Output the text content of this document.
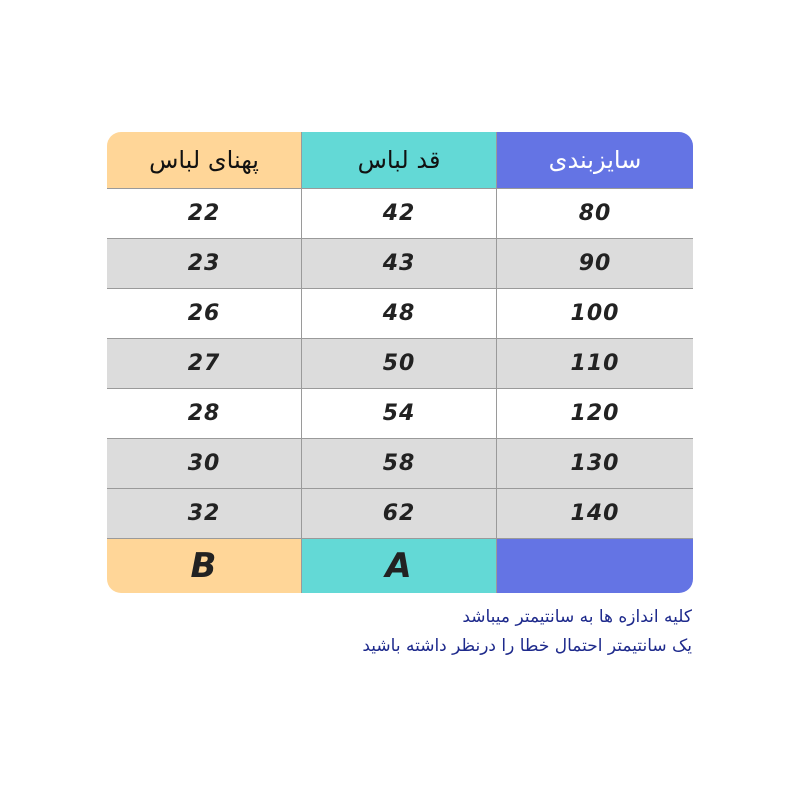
پهنای لباس	قد لباس	سایزبندی
22	42	80
23	43	90
26	48	100
27	50	110
28	54	120
30	58	130
32	62	140
B	A
کلیه اندازه ها به سانتیمتر میباشد
یک سانتیمتر احتمال خطا را درنظر داشته باشید
